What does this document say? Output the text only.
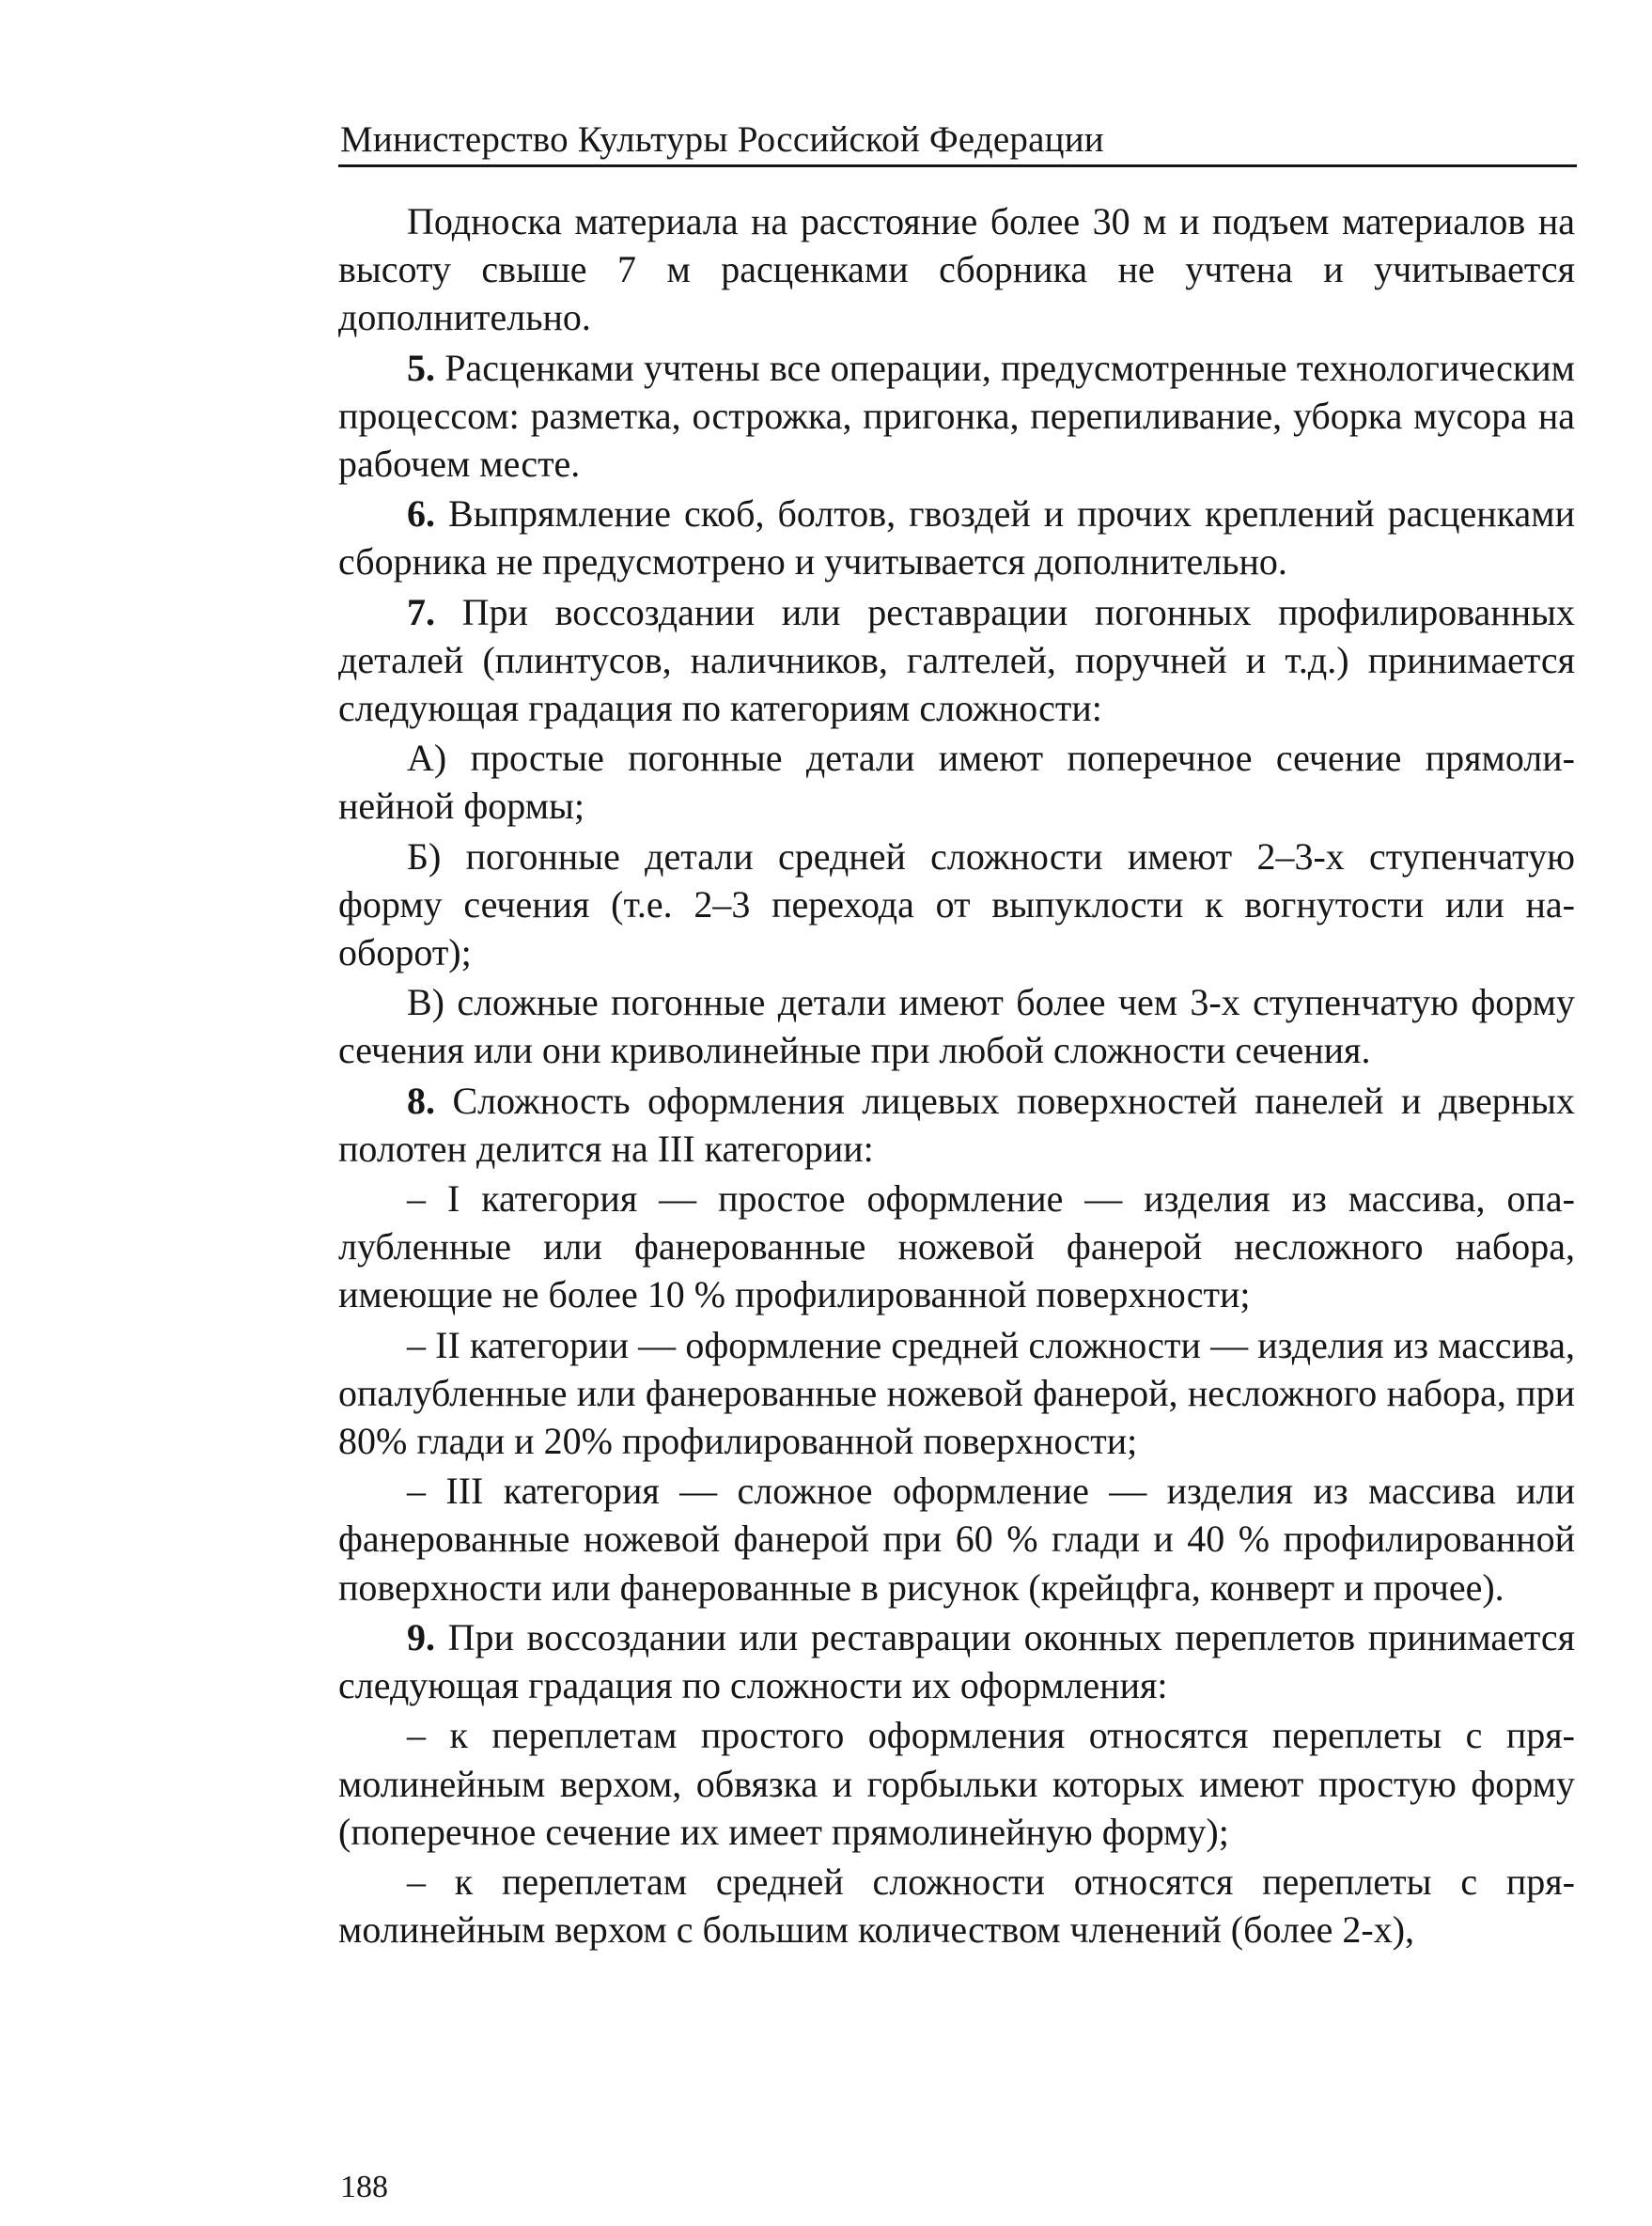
Министерство Культуры Российской Федерации

Подноска материала на расстояние более 30 м и подъем материалов на высоту свыше 7 м расценками сборника не учтена и учитывается дополнительно.

5. Расценками учтены все операции, предусмотренные технологическим процессом: разметка, острожка, пригонка, перепиливание, уборка мусора на рабочем месте.

6. Выпрямление скоб, болтов, гвоздей и прочих креплений расценками сборника не предусмотрено и учитывается дополнительно.

7. При воссоздании или реставрации погонных профилированных деталей (плинтусов, наличников, галтелей, поручней и т.д.) принимается следующая градация по категориям сложности:

А) простые погонные детали имеют поперечное сечение прямолинейной формы;

Б) погонные детали средней сложности имеют 2–3-х ступенчатую форму сечения (т.е. 2–3 перехода от выпуклости к вогнутости или наоборот);

В) сложные погонные детали имеют более чем 3-х ступенчатую форму сечения или они криволинейные при любой сложности сечения.

8. Сложность оформления лицевых поверхностей панелей и дверных полотен делится на III категории:

– I категория — простое оформление — изделия из массива, опалубленные или фанерованные ножевой фанерой несложного набора, имеющие не более 10 % профилированной поверхности;

– II категории — оформление средней сложности — изделия из массива, опалубленные или фанерованные ножевой фанерой, несложного набора, при 80% глади и 20% профилированной поверхности;

– III категория — сложное оформление — изделия из массива или фанерованные ножевой фанерой при 60 % глади и 40 % профилированной поверхности или фанерованные в рисунок (крейцфга, конверт и прочее).

9. При воссоздании или реставрации оконных переплетов принимается следующая градация по сложности их оформления:

– к переплетам простого оформления относятся переплеты с прямолинейным верхом, обвязка и горбыльки которых имеют простую форму (поперечное сечение их имеет прямолинейную форму);

– к переплетам средней сложности относятся переплеты с прямолинейным верхом с большим количеством членений (более 2-х),

188
